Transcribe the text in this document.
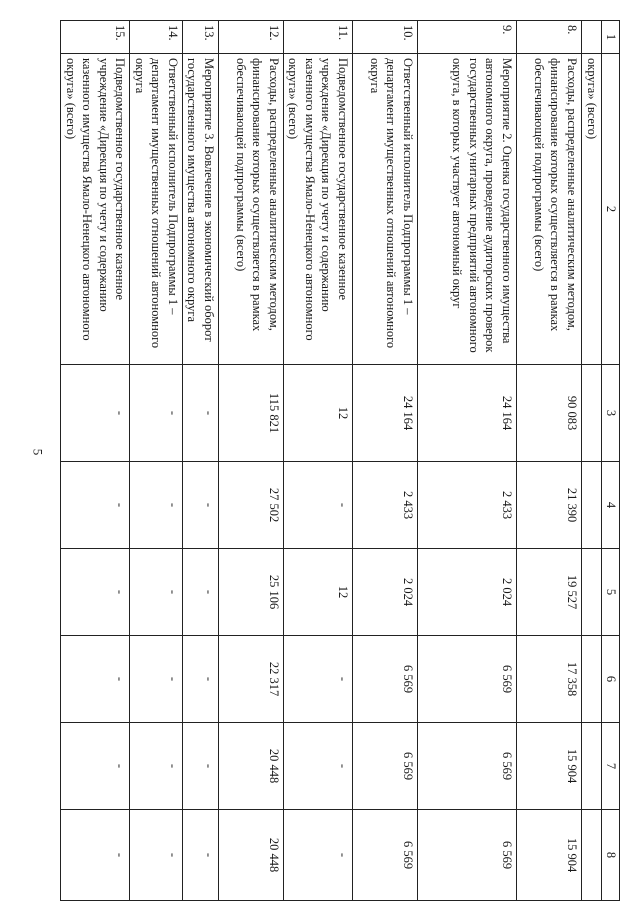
5
1	2	3	4	5	6	7	8
	округа» (всего)						
8.	Расходы, распределенные аналитическим методом, финансирование которых осуществляется в рамках обеспечивающей подпрограммы (всего)	90 083	21 390	19 527	17 358	15 904	15 904
9.	Мероприятие 2. Оценка государственного имущества автономного округа, проведение аудиторских проверок государственных унитарных предприятий автономного округа, в которых участвует автономный округ	24 164	2 433	2 024	6 569	6 569	6 569
10.	Ответственный исполнитель Подпрограммы 1 – департамент имущественных отношений автономного округа	24 164	2 433	2 024	6 569	6 569	6 569
11.	Подведомственное государственное казенное учреждение «Дирекция по учету и содержанию казенного имущества Ямало-Ненецкого автономного округа» (всего)	12	-	12	-	-	-
12.	Расходы, распределенные аналитическим методом, финансирование которых осуществляется в рамках обеспечивающей подпрограммы (всего)	115 821	27 502	25 106	22 317	20 448	20 448
13.	Мероприятие 3. Вовлечение в экономический оборот государственного имущества автономного округа	-	-	-	-	-	-
14.	Ответственный исполнитель Подпрограммы 1 – департамент имущественных отношений автономного округа	-	-	-	-	-	-
15.	Подведомственное государственное казенное учреждение «Дирекция по учету и содержанию казенного имущества Ямало-Ненецкого автономного округа» (всего)	-	-	-	-	-	-
